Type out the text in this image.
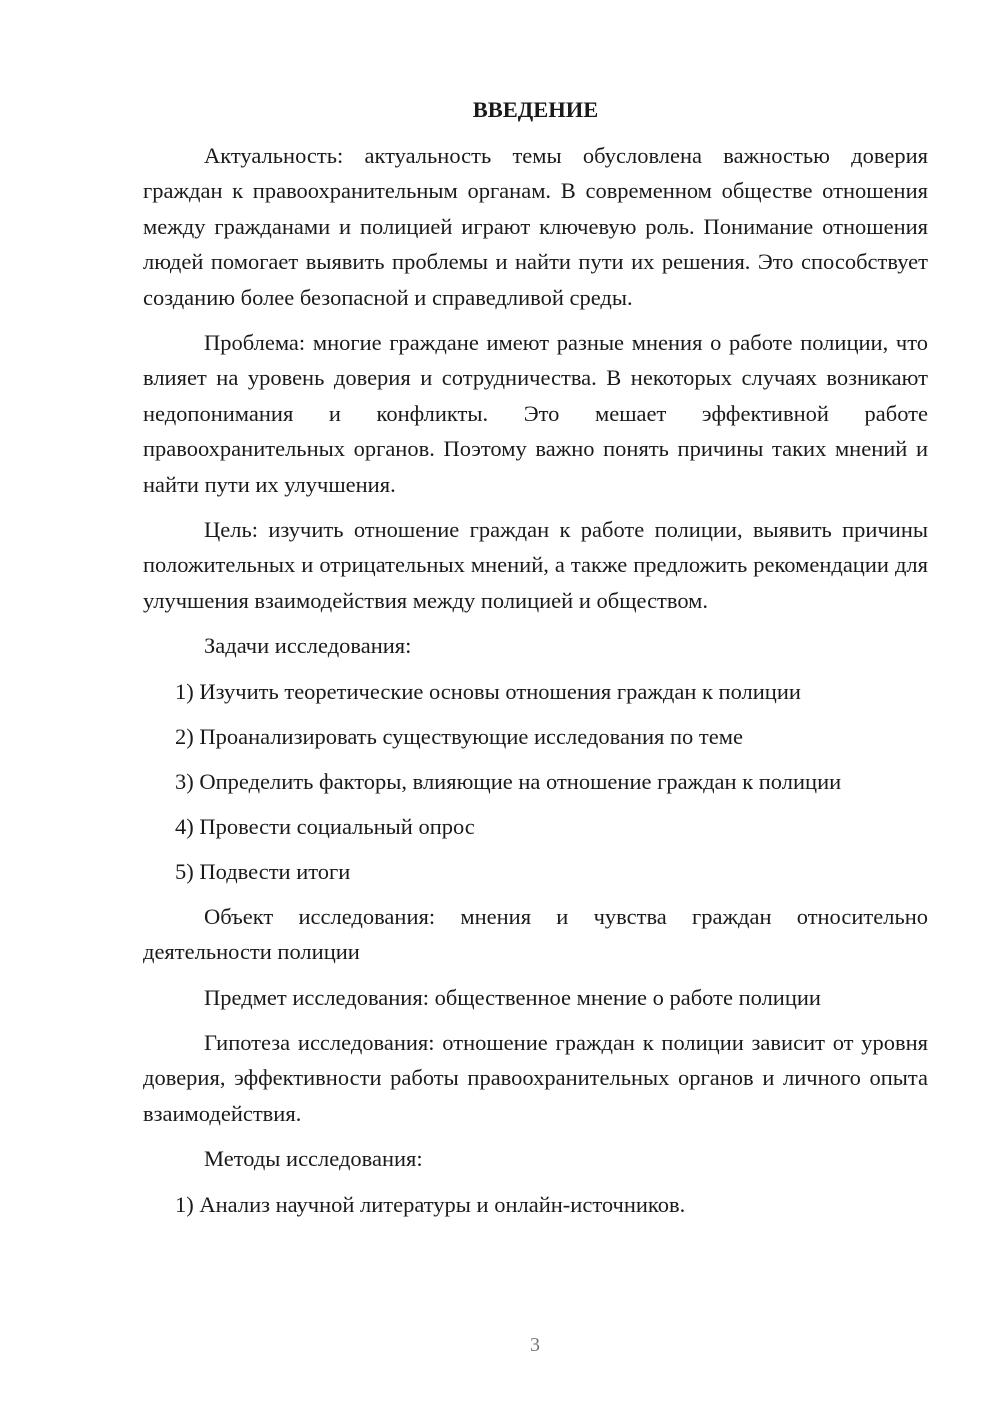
ВВЕДЕНИЕ

Актуальность: актуальность темы обусловлена важностью доверия граждан к правоохранительным органам. В современном обществе отношения между гражданами и полицией играют ключевую роль. Понимание отношения людей помогает выявить проблемы и найти пути их решения. Это способствует созданию более безопасной и справедливой среды.

Проблема: многие граждане имеют разные мнения о работе полиции, что влияет на уровень доверия и сотрудничества. В некоторых случаях возникают недопонимания и конфликты. Это мешает эффективной работе правоохранительных органов. Поэтому важно понять причины таких мнений и найти пути их улучшения.

Цель: изучить отношение граждан к работе полиции, выявить причины положительных и отрицательных мнений, а также предложить рекомендации для улучшения взаимодействия между полицией и обществом.

Задачи исследования:

1) Изучить теоретические основы отношения граждан к полиции
2) Проанализировать существующие исследования по теме
3) Определить факторы, влияющие на отношение граждан к полиции
4) Провести социальный опрос
5) Подвести итоги

Объект исследования: мнения и чувства граждан относительно деятельности полиции

Предмет исследования: общественное мнение о работе полиции

Гипотеза исследования: отношение граждан к полиции зависит от уровня доверия, эффективности работы правоохранительных органов и личного опыта взаимодействия.

Методы исследования:

1) Анализ научной литературы и онлайн-источников.
3
